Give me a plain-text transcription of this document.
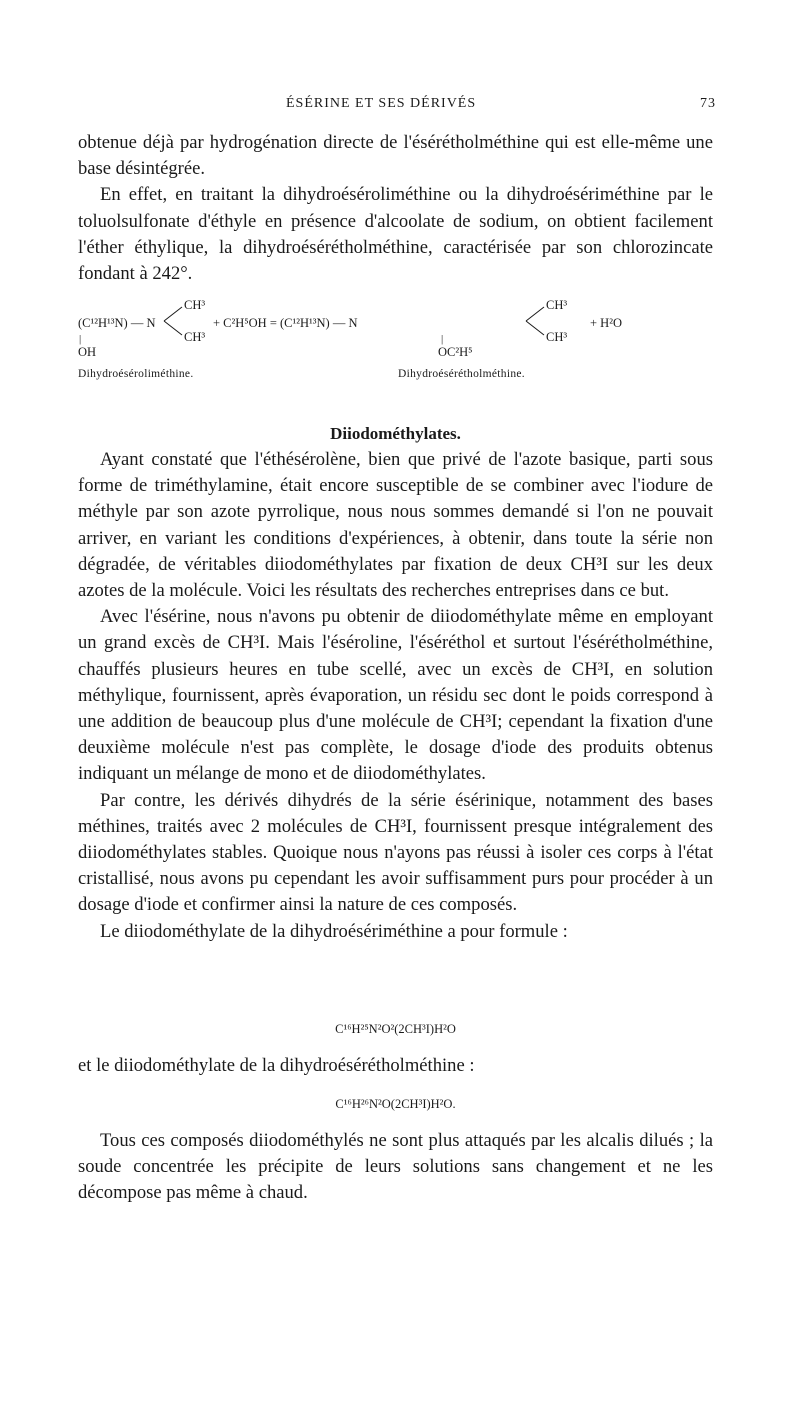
ÉSÉRINE ET SES DÉRIVÉS	73

obtenue déjà par hydrogénation directe de l'ésérétholméthine qui est elle-même une base désintégrée.

En effet, en traitant la dihydroéséroliméthine ou la dihydroésériméthine par le toluolsulfonate d'éthyle en présence d'alcoolate de sodium, on obtient facilement l'éther éthylique, la dihydroésérétholméthine, caractérisée par son chlorozincate fondant à 242°.

(C¹²H¹³N) — N
CH³
CH³
|
OH
+ C²H⁵OH = (C¹²H¹³N) — N
CH³
CH³
|
OC²H⁵
+ H²O
Dihydroéséroliméthine.	Dihydroésérétholméthine.
Diiodométhylates.

Ayant constaté que l'éthésérolène, bien que privé de l'azote basique, parti sous forme de triméthylamine, était encore susceptible de se combiner avec l'iodure de méthyle par son azote pyrrolique, nous nous sommes demandé si l'on ne pouvait arriver, en variant les conditions d'expériences, à obtenir, dans toute la série non dégradée, de véritables diiodométhylates par fixation de deux CH³I sur les deux azotes de la molécule. Voici les résultats des recherches entreprises dans ce but.

Avec l'ésérine, nous n'avons pu obtenir de diiodométhylate même en employant un grand excès de CH³I. Mais l'éséroline, l'éséréthol et surtout l'ésérétholméthine, chauffés plusieurs heures en tube scellé, avec un excès de CH³I, en solution méthylique, fournissent, après évaporation, un résidu sec dont le poids correspond à une addition de beaucoup plus d'une molécule de CH³I; cependant la fixation d'une deuxième molécule n'est pas complète, le dosage d'iode des produits obtenus indiquant un mélange de mono et de diiodométhylates.

Par contre, les dérivés dihydrés de la série ésérinique, notamment des bases méthines, traités avec 2 molécules de CH³I, fournissent presque intégralement des diiodométhylates stables. Quoique nous n'ayons pas réussi à isoler ces corps à l'état cristallisé, nous avons pu cependant les avoir suffisamment purs pour procéder à un dosage d'iode et confirmer ainsi la nature de ces composés.

Le diiodométhylate de la dihydroésériméthine a pour formule :

C¹⁶H²⁵N²O²(2CH³I)H²O

et le diiodométhylate de la dihydroésérétholméthine :

C¹⁶H²⁶N²O(2CH³I)H²O.

Tous ces composés diiodométhylés ne sont plus attaqués par les alcalis dilués ; la soude concentrée les précipite de leurs solutions sans changement et ne les décompose pas même à chaud.
